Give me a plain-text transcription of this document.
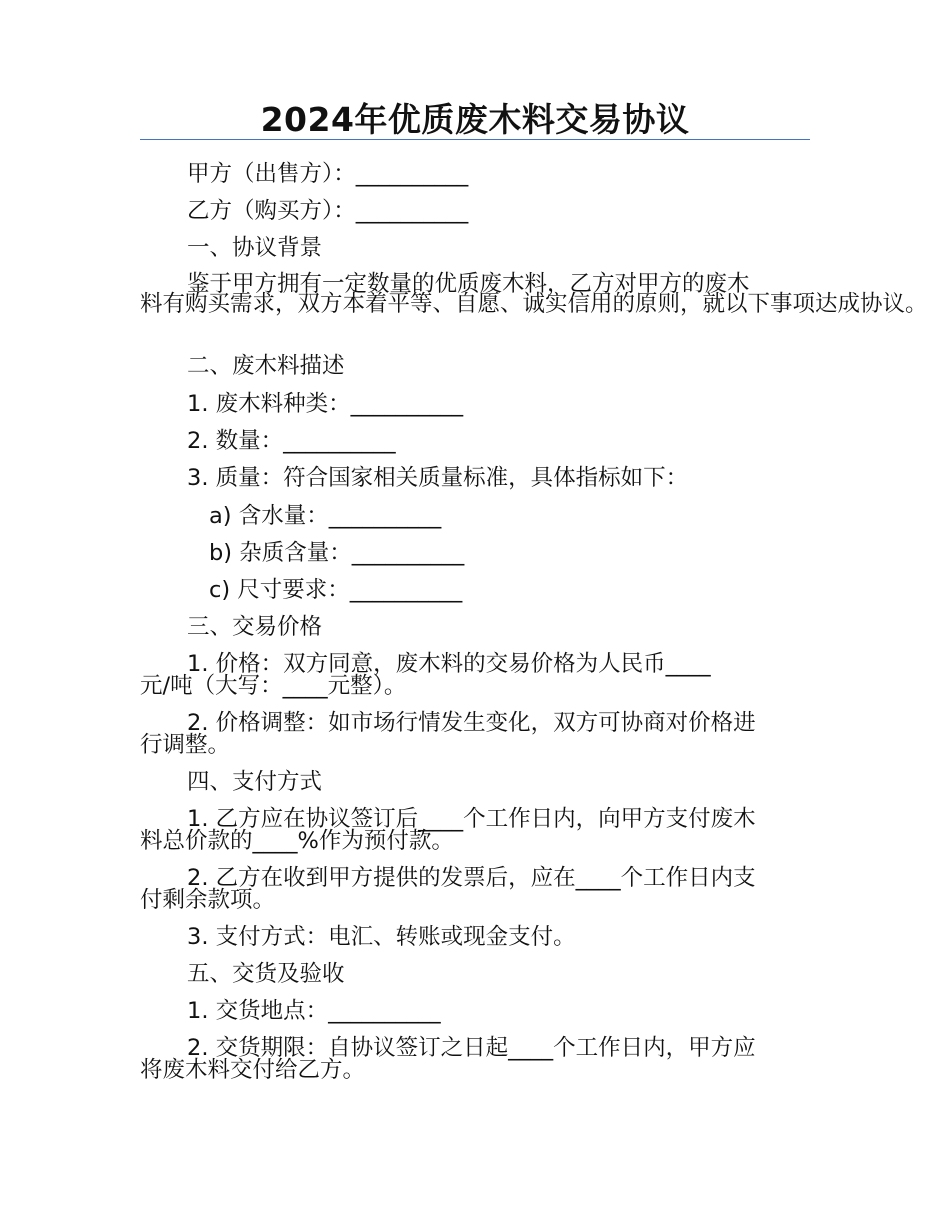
2024年优质废木料交易协议
甲方（出售方）：__________
乙方（购买方）：__________
一、协议背景
鉴于甲方拥有一定数量的优质废木料，乙方对甲方的废木
料有购买需求，双方本着平等、自愿、诚实信用的原则，就以下事项达成协议。
二、废木料描述
1. 废木料种类：__________
2. 数量：__________
3. 质量：符合国家相关质量标准，具体指标如下：
a) 含水量：__________
b) 杂质含量：__________
c) 尺寸要求：__________
三、交易价格
1. 价格：双方同意，废木料的交易价格为人民币____
元/吨（大写：____元整）。
2. 价格调整：如市场行情发生变化，双方可协商对价格进
行调整。
四、支付方式
1. 乙方应在协议签订后____个工作日内，向甲方支付废木
料总价款的____%作为预付款。
2. 乙方在收到甲方提供的发票后，应在____个工作日内支
付剩余款项。
3. 支付方式：电汇、转账或现金支付。
五、交货及验收
1. 交货地点：__________
2. 交货期限：自协议签订之日起____个工作日内，甲方应
将废木料交付给乙方。
